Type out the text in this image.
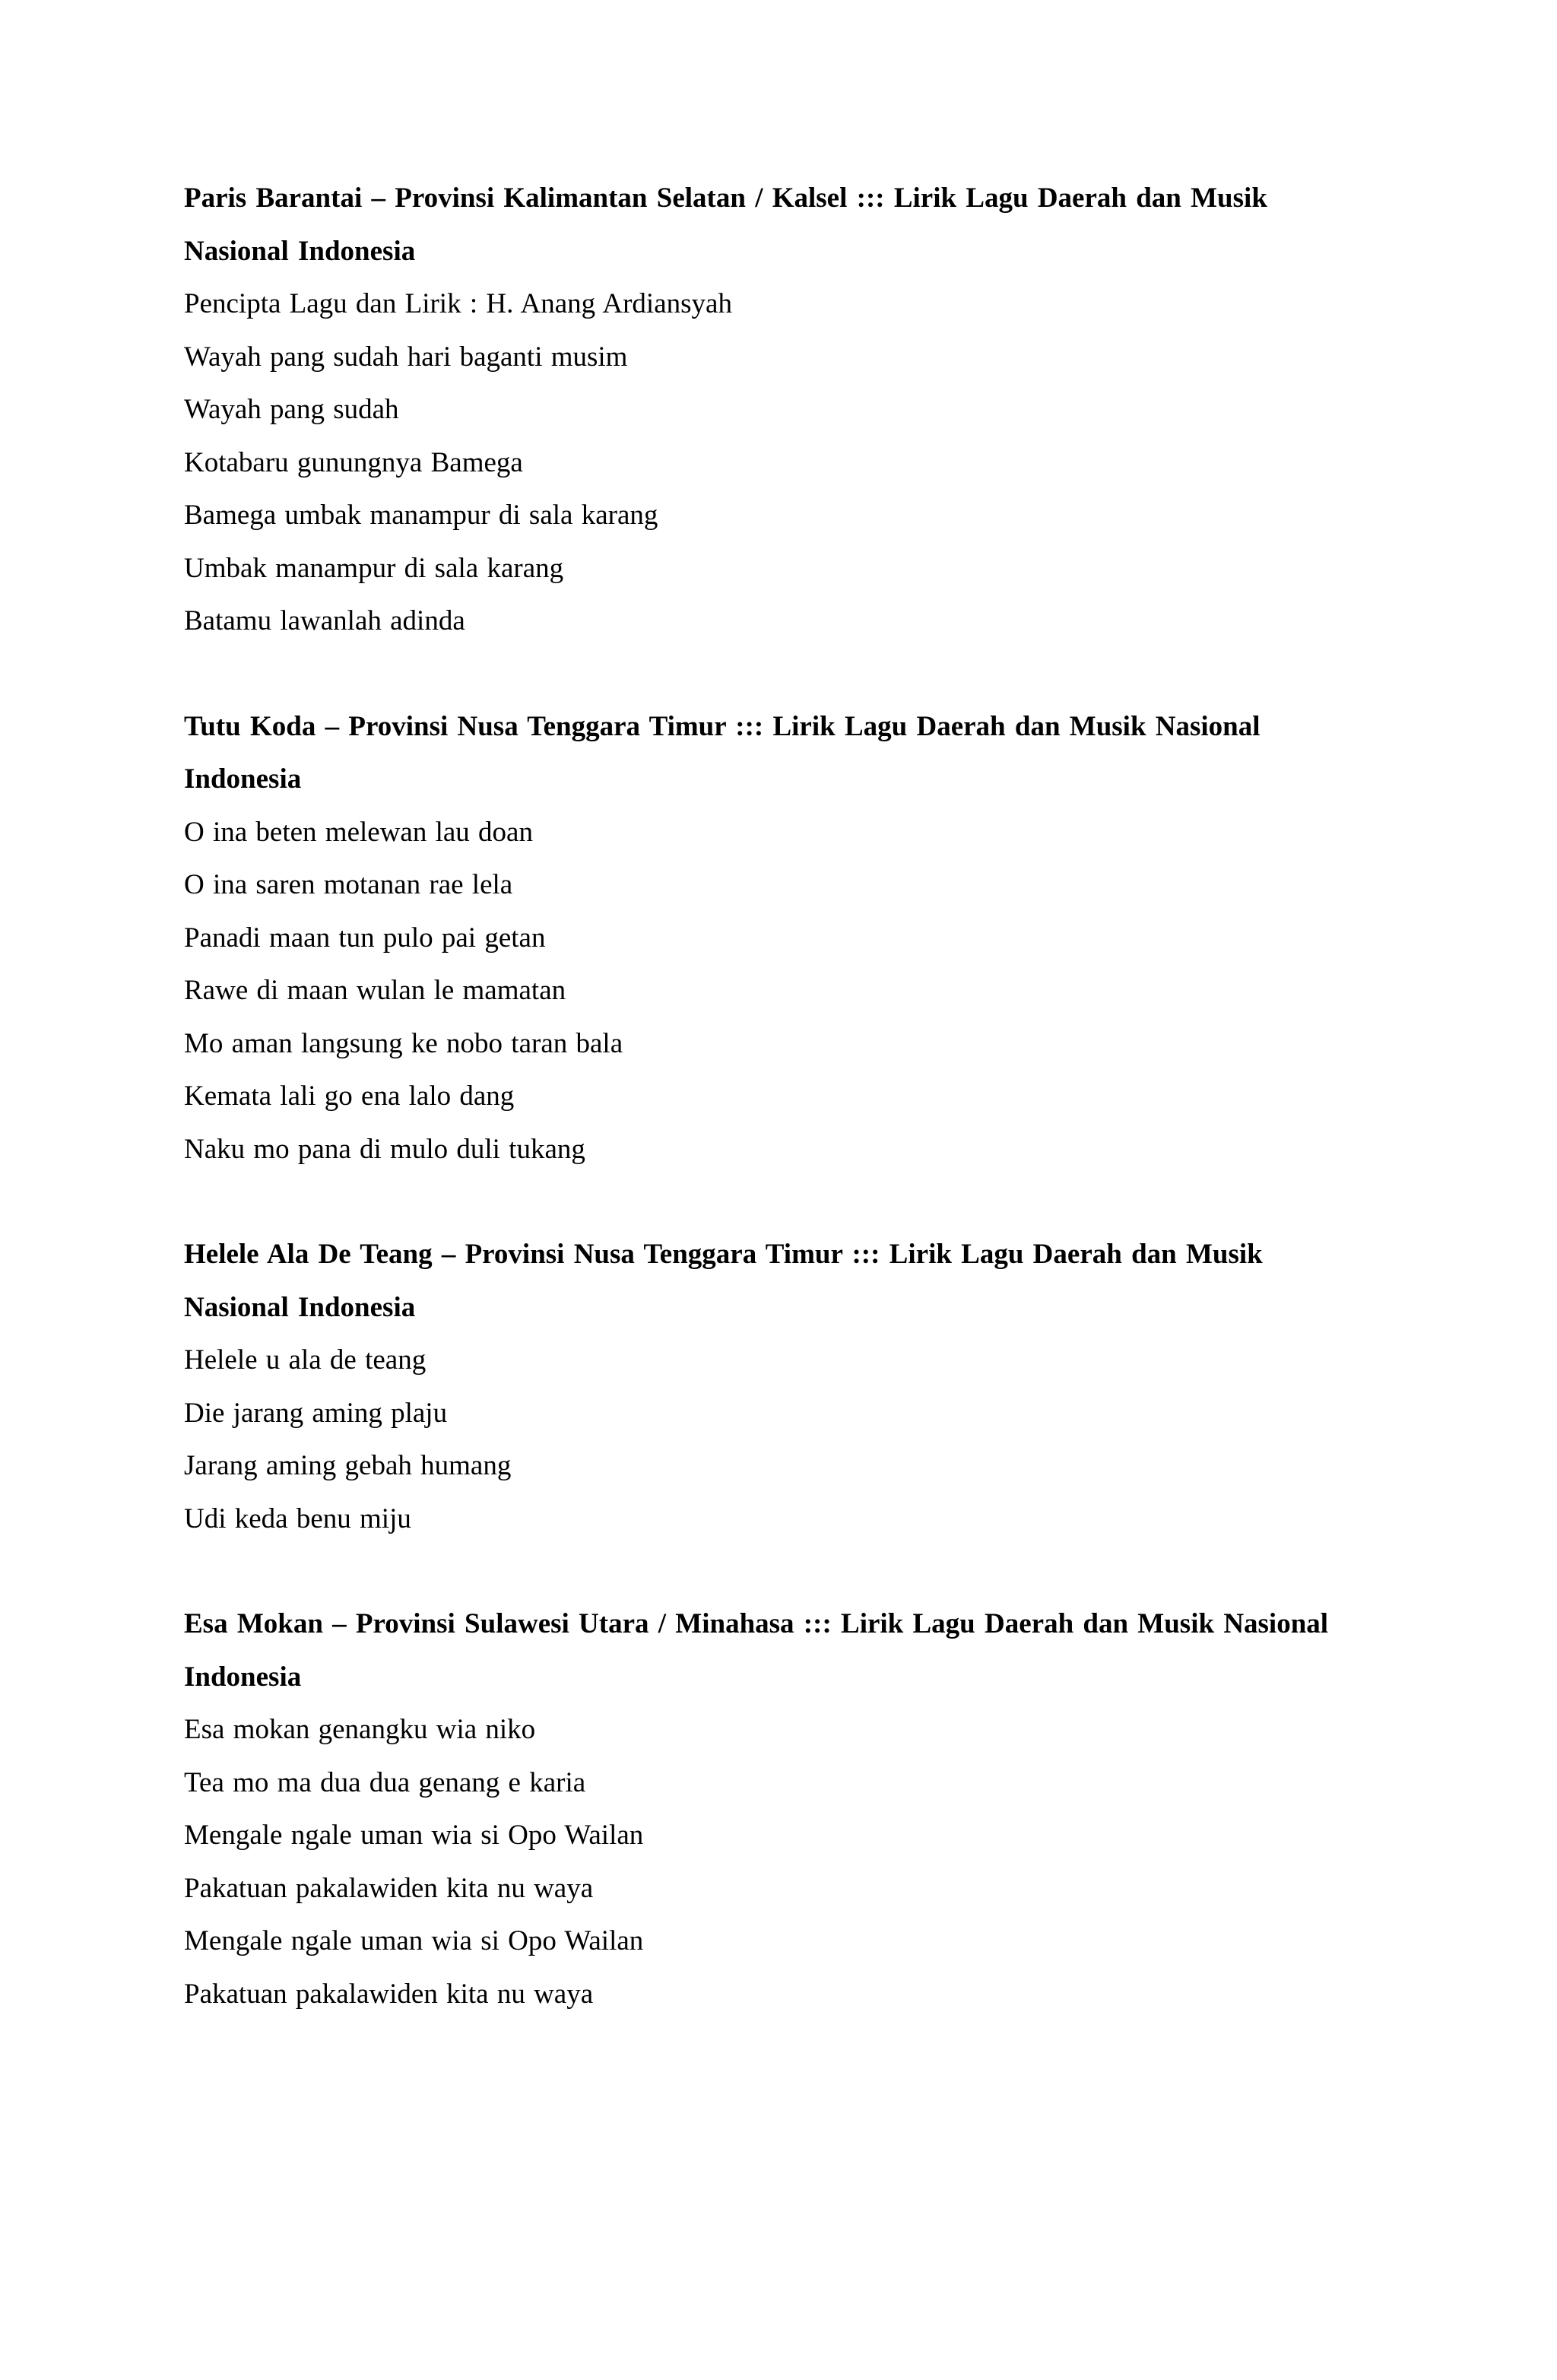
Paris Barantai – Provinsi Kalimantan Selatan / Kalsel ::: Lirik Lagu Daerah dan Musik Nasional Indonesia

Pencipta Lagu dan Lirik : H. Anang Ardiansyah

Wayah pang sudah hari baganti musim

Wayah pang sudah

Kotabaru gunungnya Bamega

Bamega umbak manampur di sala karang

Umbak manampur di sala karang

Batamu lawanlah adinda

Tutu Koda – Provinsi Nusa Tenggara Timur ::: Lirik Lagu Daerah dan Musik Nasional Indonesia

O ina beten melewan lau doan

O ina saren motanan rae lela

Panadi maan tun pulo pai getan

Rawe di maan wulan le mamatan

Mo aman langsung ke nobo taran bala

Kemata lali go ena lalo dang

Naku mo pana di mulo duli tukang

Helele Ala De Teang – Provinsi Nusa Tenggara Timur ::: Lirik Lagu Daerah dan Musik Nasional Indonesia

Helele u ala de teang

Die jarang aming plaju

Jarang aming gebah humang

Udi keda benu miju

Esa Mokan – Provinsi Sulawesi Utara / Minahasa ::: Lirik Lagu Daerah dan Musik Nasional Indonesia

Esa mokan genangku wia niko

Tea mo ma dua dua genang e karia

Mengale ngale uman wia si Opo Wailan

Pakatuan pakalawiden kita nu waya

Mengale ngale uman wia si Opo Wailan

Pakatuan pakalawiden kita nu waya
